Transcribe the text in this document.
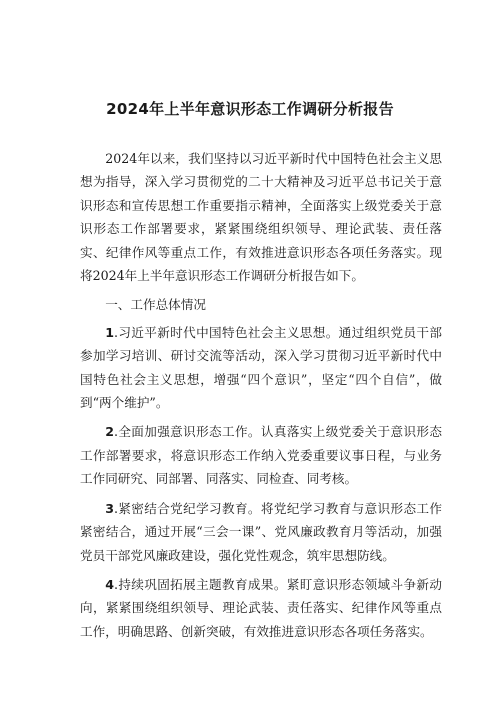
2024年上半年意识形态工作调研分析报告

2024年以来，我们坚持以习近平新时代中国特色社会主义思想为指导，深入学习贯彻党的二十大精神及习近平总书记关于意识形态和宣传思想工作重要指示精神，全面落实上级党委关于意识形态工作部署要求，紧紧围绕组织领导、理论武装、责任落实、纪律作风等重点工作，有效推进意识形态各项任务落实。现将2024年上半年意识形态工作调研分析报告如下。

一、工作总体情况

1.习近平新时代中国特色社会主义思想。通过组织党员干部参加学习培训、研讨交流等活动，深入学习贯彻习近平新时代中国特色社会主义思想，增强“四个意识”，坚定“四个自信”，做到“两个维护”。

2.全面加强意识形态工作。认真落实上级党委关于意识形态工作部署要求，将意识形态工作纳入党委重要议事日程，与业务工作同研究、同部署、同落实、同检查、同考核。

3.紧密结合党纪学习教育。将党纪学习教育与意识形态工作紧密结合，通过开展“三会一课”、党风廉政教育月等活动，加强党员干部党风廉政建设，强化党性观念，筑牢思想防线。

4.持续巩固拓展主题教育成果。紧盯意识形态领域斗争新动向，紧紧围绕组织领导、理论武装、责任落实、纪律作风等重点工作，明确思路、创新突破，有效推进意识形态各项任务落实。
